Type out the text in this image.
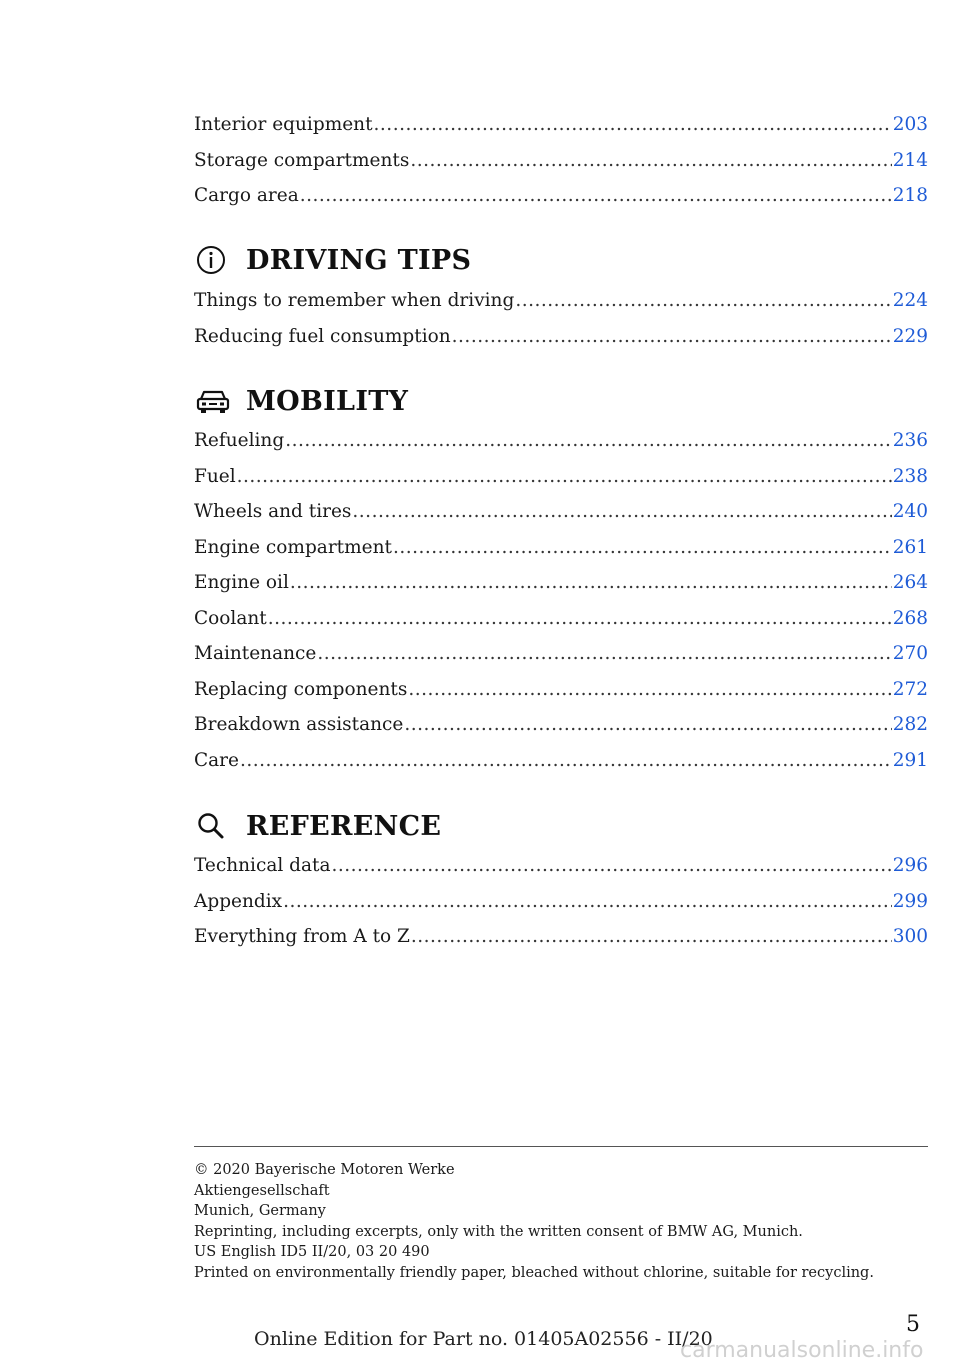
Interior equipment .....	203
Storage compartments .....	214
Cargo area .....	218
DRIVING TIPS
Things to remember when driving .....	224
Reducing fuel consumption .....	229
MOBILITY
Refueling .....	236
Fuel .....	238
Wheels and tires .....	240
Engine compartment .....	261
Engine oil .....	264
Coolant .....	268
Maintenance .....	270
Replacing components .....	272
Breakdown assistance .....	282
Care .....	291
REFERENCE
Technical data .....	296
Appendix .....	299
Everything from A to Z .....	300
© 2020 Bayerische Motoren Werke
Aktiengesellschaft
Munich, Germany
Reprinting, including excerpts, only with the written consent of BMW AG, Munich.
US English ID5 II/20, 03 20 490
Printed on environmentally friendly paper, bleached without chlorine, suitable for recycling.
5
Online Edition for Part no. 01405A02556 - II/20
carmanualsonline.info
